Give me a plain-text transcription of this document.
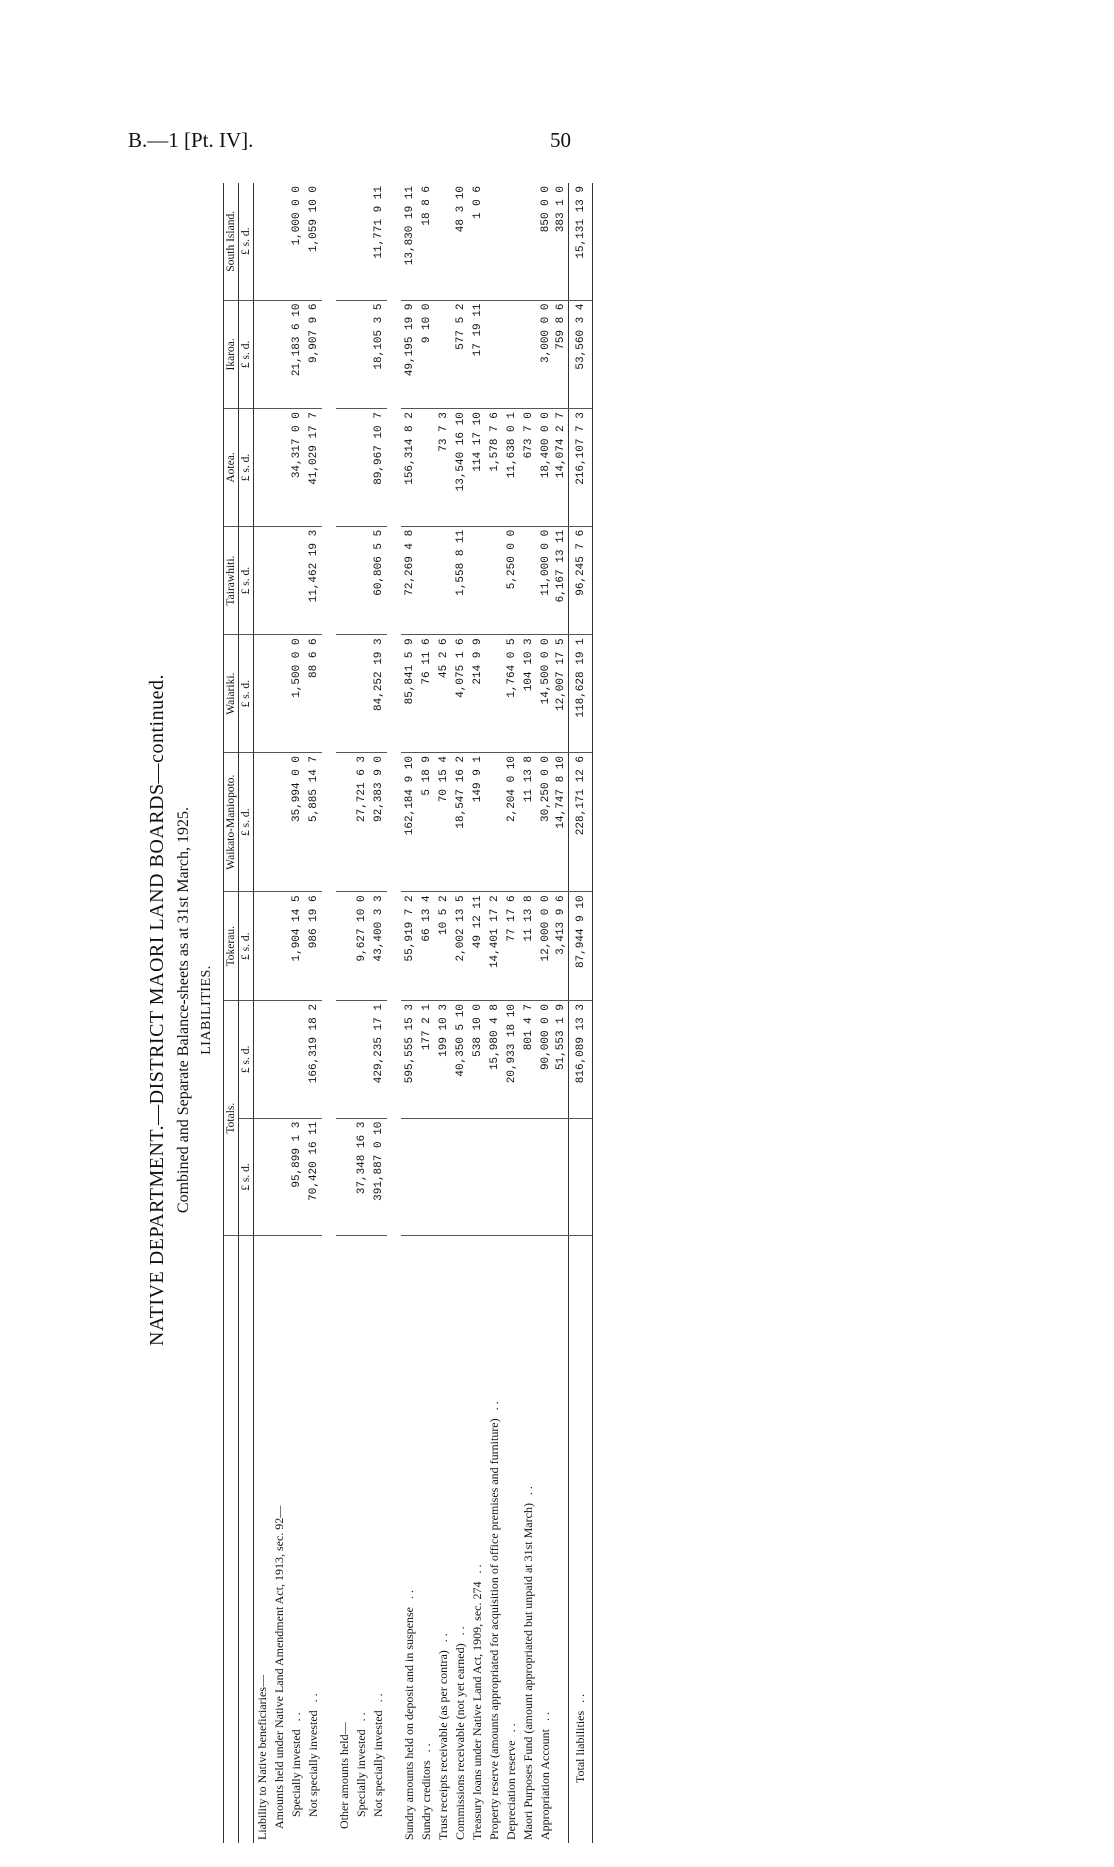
B.—1 [Pt. IV].	50
NATIVE DEPARTMENT.—DISTRICT MAORI LAND BOARDS—continued. Combined and Separate Balance-sheets as at 31st March, 1925. LIABILITIES.
	Totals.		Tokerau.	Waikato-Maniopoto.	Waiariki.	Tairawhiti.	Aotea.	Ikaroa.	South Island.
	£ s. d.	£ s. d.	£ s. d.	£ s. d.	£ s. d.	£ s. d.	£ s. d.	£ s. d.	£ s. d.
Liability to Native beneficiaries—									
Amounts held under Native Land Amendment Act, 1913, sec. 92—									
Specially invested. .	95,899 1 3		1,904 14 5	35,994 0 0	1,500 0 0		34,317 0 0	21,183 6 10	1,000 0 0
Not specially invested. .	70,420 16 11	166,319 18 2	986 19 6	5,885 14 7	88 6 6	11,462 19 3	41,029 17 7	9,907 9 6	1,059 10 0

Other amounts held—									
Specially invested. .	37,348 16 3		9,627 10 0	27,721 6 3					
Not specially invested. .	391,887 0 10	429,235 17 1	43,400 3 3	92,383 9 0	84,252 19 3	60,806 5 5	89,967 10 7	18,105 3 5	11,771 9 11

Sundry amounts held on deposit and in suspense. .		595,555 15 3	55,919 7 2	162,184 9 10	85,841 5 9	72,269 4 8	156,314 8 2	49,195 19 9	13,830 19 11
Sundry creditors. .		177 2 1	66 13 4	5 18 9	76 11 6			9 10 0	18 8 6
Trust receipts receivable (as per contra). .		199 10 3	10 5 2	70 15 4	45 2 6		73 7 3		
Commissions receivable (not yet earned). .		40,350 5 10	2,002 13 5	18,547 16 2	4,075 1 6	1,558 8 11	13,540 16 10	577 5 2	48 3 10
Treasury loans under Native Land Act, 1909, sec. 274. .		538 10 0	49 12 11	149 9 1	214 9 9		114 17 10	17 19 11	1 0 6
Property reserve (amounts appropriated for acquisition of office premises and furniture). .		15,980 4 8	14,401 17 2				1,578 7 6		
Depreciation reserve. .		20,933 18 10	77 17 6	2,204 0 10	1,764 0 5	5,250 0 0	11,638 0 1		
Maori Purposes Fund (amount appropriated but unpaid at 31st March). .		801 4 7	11 13 8	11 13 8	104 10 3		673 7 0		
Appropriation Account. .		90,000 0 0	12,000 0 0	30,250 0 0	14,500 0 0	11,000 0 0	18,400 0 0	3,000 0 0	850 0 0
		51,553 1 9	3,413 9 6	14,747 8 10	12,007 17 5	6,167 13 11	14,074 2 7	759 8 6	383 1 0
Total liabilities. .		816,089 13 3	87,944 9 10	228,171 12 6	118,628 19 1	96,245 7 6	216,107 7 3	53,560 3 4	15,131 13 9
